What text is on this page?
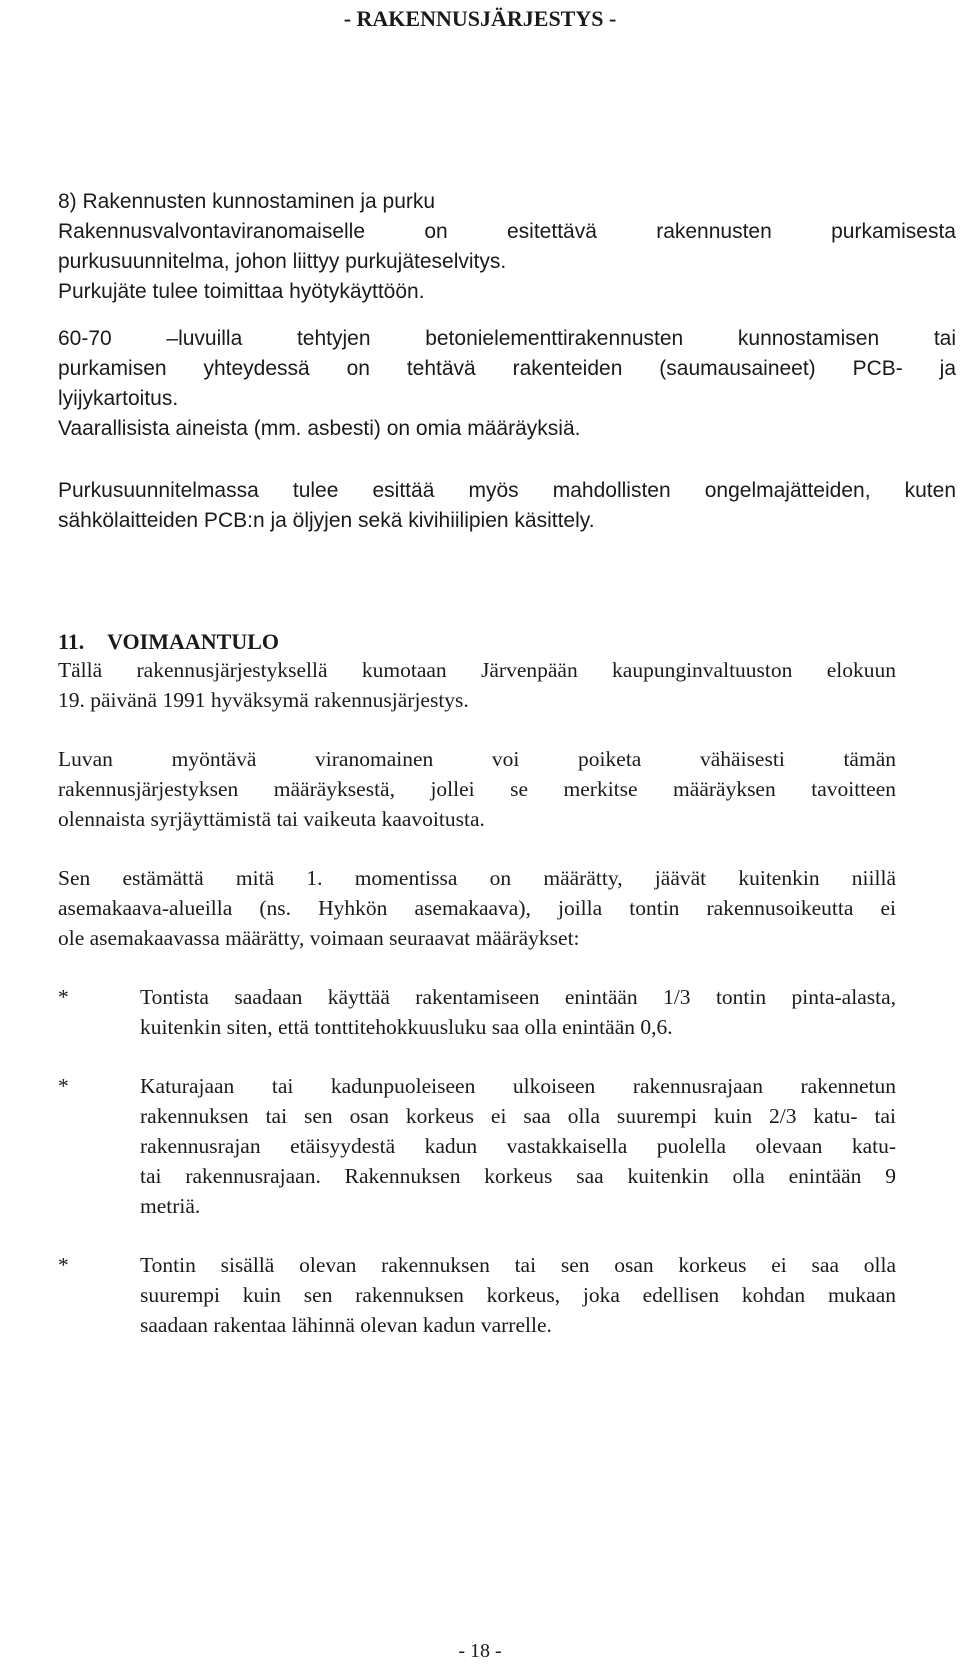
- RAKENNUSJÄRJESTYS -
8) Rakennusten kunnostaminen ja purku
Rakennusvalvontaviranomaiselle on esitettävä rakennusten purkamisesta
purkusuunnitelma, johon liittyy purkujäteselvitys.
Purkujäte tulee toimittaa hyötykäyttöön.
60-70 –luvuilla tehtyjen betonielementtirakennusten kunnostamisen tai
purkamisen yhteydessä on tehtävä rakenteiden (saumausaineet) PCB- ja
lyijykartoitus.
Vaarallisista aineista (mm. asbesti) on omia määräyksiä.
Purkusuunnitelmassa tulee esittää myös mahdollisten ongelmajätteiden, kuten
sähkölaitteiden PCB:n ja öljyjen sekä kivihiilipien käsittely.
11. VOIMAANTULO
Tällä rakennusjärjestyksellä kumotaan Järvenpään kaupunginvaltuuston elokuun
19. päivänä 1991 hyväksymä rakennusjärjestys.
Luvan myöntävä viranomainen voi poiketa vähäisesti tämän
rakennusjärjestyksen määräyksestä, jollei se merkitse määräyksen tavoitteen
olennaista syrjäyttämistä tai vaikeuta kaavoitusta.
Sen estämättä mitä 1. momentissa on määrätty, jäävät kuitenkin niillä
asemakaava-alueilla (ns. Hyhkön asemakaava), joilla tontin rakennusoikeutta ei
ole asemakaavassa määrätty, voimaan seuraavat määräykset:
*	Tontista saadaan käyttää rakentamiseen enintään 1/3 tontin pinta-alasta,
kuitenkin siten, että tonttitehokkuusluku saa olla enintään 0,6.
*	Katurajaan tai kadunpuoleiseen ulkoiseen rakennusrajaan rakennetun
rakennuksen tai sen osan korkeus ei saa olla suurempi kuin 2/3 katu- tai
rakennusrajan etäisyydestä kadun vastakkaisella puolella olevaan katu-
tai rakennusrajaan. Rakennuksen korkeus saa kuitenkin olla enintään 9
metriä.
*	Tontin sisällä olevan rakennuksen tai sen osan korkeus ei saa olla
suurempi kuin sen rakennuksen korkeus, joka edellisen kohdan mukaan
saadaan rakentaa lähinnä olevan kadun varrelle.
- 18 -
